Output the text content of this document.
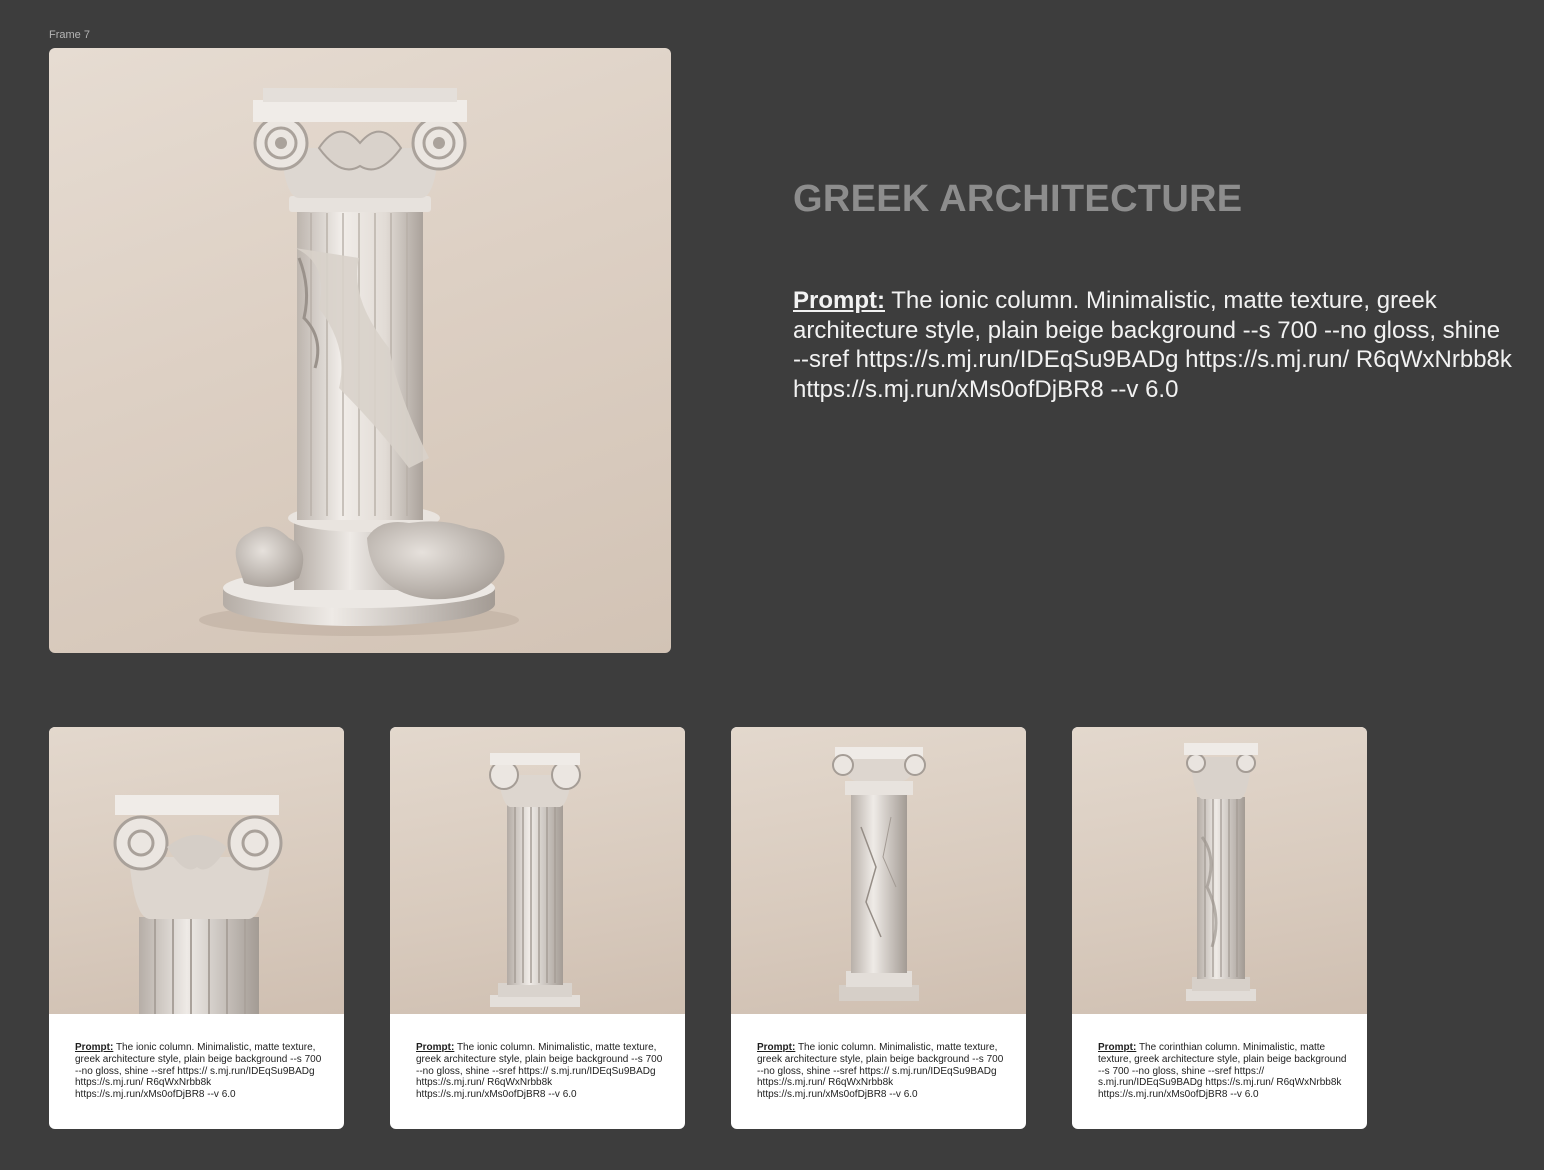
Frame 7
GREEK ARCHITECTURE
Prompt: The ionic column. Minimalistic, matte texture, greek architecture style, plain beige background --s 700 --no gloss, shine --sref https://s.mj.run/IDEqSu9BADg https://s.mj.run/ R6qWxNrbb8k https://s.mj.run/xMs0ofDjBR8 --v 6.0
Prompt: The ionic column. Minimalistic, matte texture, greek architecture style, plain beige background --s 700 --no gloss, shine --sref https:// s.mj.run/IDEqSu9BADg https://s.mj.run/ R6qWxNrbb8k https://s.mj.run/xMs0ofDjBR8 --v 6.0
Prompt: The ionic column. Minimalistic, matte texture, greek architecture style, plain beige background --s 700 --no gloss, shine --sref https:// s.mj.run/IDEqSu9BADg https://s.mj.run/ R6qWxNrbb8k https://s.mj.run/xMs0ofDjBR8 --v 6.0
Prompt: The ionic column. Minimalistic, matte texture, greek architecture style, plain beige background --s 700 --no gloss, shine --sref https:// s.mj.run/IDEqSu9BADg https://s.mj.run/ R6qWxNrbb8k https://s.mj.run/xMs0ofDjBR8 --v 6.0
Prompt: The corinthian column. Minimalistic, matte texture, greek architecture style, plain beige background --s 700 --no gloss, shine --sref https:// s.mj.run/IDEqSu9BADg https://s.mj.run/ R6qWxNrbb8k https://s.mj.run/xMs0ofDjBR8 --v 6.0
